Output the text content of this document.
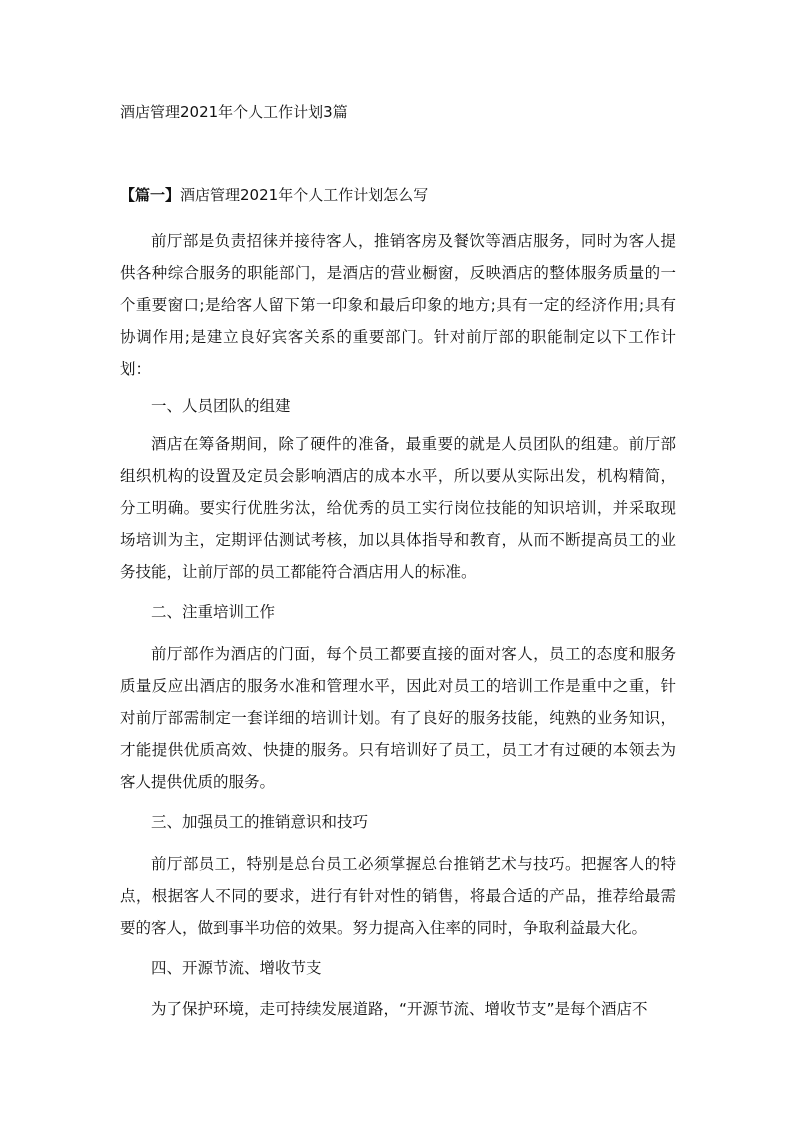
酒店管理2021年个人工作计划3篇
【篇一】酒店管理2021年个人工作计划怎么写

前厅部是负责招徕并接待客人，推销客房及餐饮等酒店服务，同时为客人提供各种综合服务的职能部门，是酒店的营业橱窗，反映酒店的整体服务质量的一个重要窗口;是给客人留下第一印象和最后印象的地方;具有一定的经济作用;具有协调作用;是建立良好宾客关系的重要部门。针对前厅部的职能制定以下工作计划：

一、人员团队的组建

酒店在筹备期间，除了硬件的准备，最重要的就是人员团队的组建。前厅部组织机构的设置及定员会影响酒店的成本水平，所以要从实际出发，机构精简，分工明确。要实行优胜劣汰，给优秀的员工实行岗位技能的知识培训，并采取现场培训为主，定期评估测试考核，加以具体指导和教育，从而不断提高员工的业务技能，让前厅部的员工都能符合酒店用人的标准。

二、注重培训工作

前厅部作为酒店的门面，每个员工都要直接的面对客人，员工的态度和服务质量反应出酒店的服务水准和管理水平，因此对员工的培训工作是重中之重，针对前厅部需制定一套详细的培训计划。有了良好的服务技能，纯熟的业务知识，才能提供优质高效、快捷的服务。只有培训好了员工，员工才有过硬的本领去为客人提供优质的服务。

三、加强员工的推销意识和技巧

前厅部员工，特别是总台员工必须掌握总台推销艺术与技巧。把握客人的特点，根据客人不同的要求，进行有针对性的销售，将最合适的产品，推荐给最需要的客人，做到事半功倍的效果。努力提高入住率的同时，争取利益最大化。

四、开源节流、增收节支

为了保护环境，走可持续发展道路，“开源节流、增收节支”是每个酒店不
